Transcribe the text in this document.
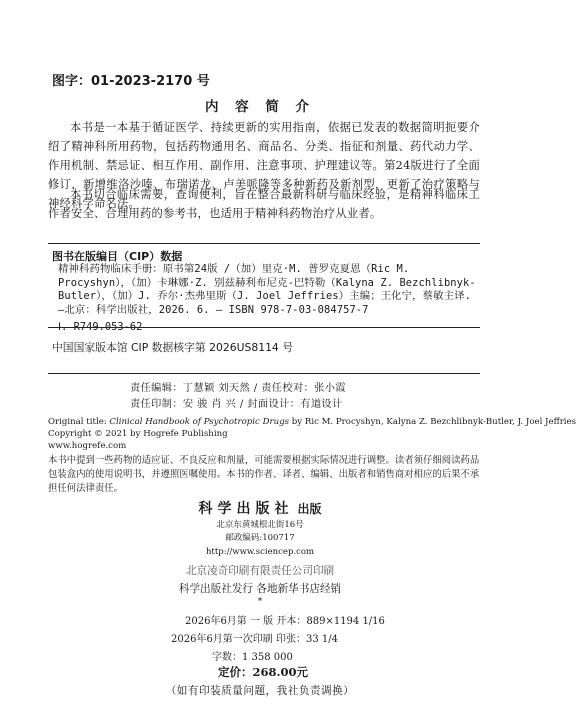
图字：01-2023-2170 号
内 容 简 介
本书是一本基于循证医学、持续更新的实用指南，依据已发表的数据简明扼要介绍了精神科所用药物，包括药物通用名、商品名、分类、指征和剂量、药代动力学、作用机制、禁忌证、相互作用、副作用、注意事项、护理建议等。第24版进行了全面修订，新增维洛沙嗪、布瑞诺龙、卢美哌隆等多种新药及新剂型，更新了治疗策略与神经科学命名法。
本书切合临床需要，查询便利，旨在整合最新科研与临床经验，是精神科临床工作者安全、合理用药的参考书，也适用于精神科药物治疗从业者。
图书在版编目（CIP）数据
精神科药物临床手册：原书第24版 /（加）里克·M. 普罗克夏恩（Ric M. Procyshyn），（加）卡琳娜·Z. 别兹赫利布尼克-巴特勒（Kalyna Z. Bezchlibnyk-Butler），（加）J. 乔尔·杰弗里斯（J. Joel Jeffries）主编；王化宁，蔡敏主译. —北京：科学出版社，2026. 6. — ISBN 978-7-03-084757-7
Ⅰ. R749.053-62
中国国家版本馆 CIP 数据核字第 2026US8114 号
责任编辑：丁慧颖 刘天然 / 责任校对：张小霞
责任印制：安 骏 肖 兴 / 封面设计：有道设计
Original title: Clinical Handbook of Psychotropic Drugs by Ric M. Procyshyn, Kalyna Z. Bezchlibnyk-Butler, J. Joel Jeffries
Copyright © 2021 by Hogrefe Publishing
www.hogrefe.com
本书中提到一些药物的适应证、不良反应和剂量，可能需要根据实际情况进行调整。读者须仔细阅读药品包装盒内的使用说明书，并遵照医嘱使用。本书的作者、译者、编辑、出版者和销售商对相应的后果不承担任何法律责任。
科学出版社 出版
北京东黄城根北街16号
邮政编码:100717
http://www.sciencep.com
北京凌奇印刷有限责任公司印刷
科学出版社发行 各地新华书店经销
*
2026年6月第 一 版 开本：889×1194 1/16
2026年6月第一次印刷 印张：33 1/4
字数：1 358 000
定价：268.00元
（如有印装质量问题，我社负责调换）
